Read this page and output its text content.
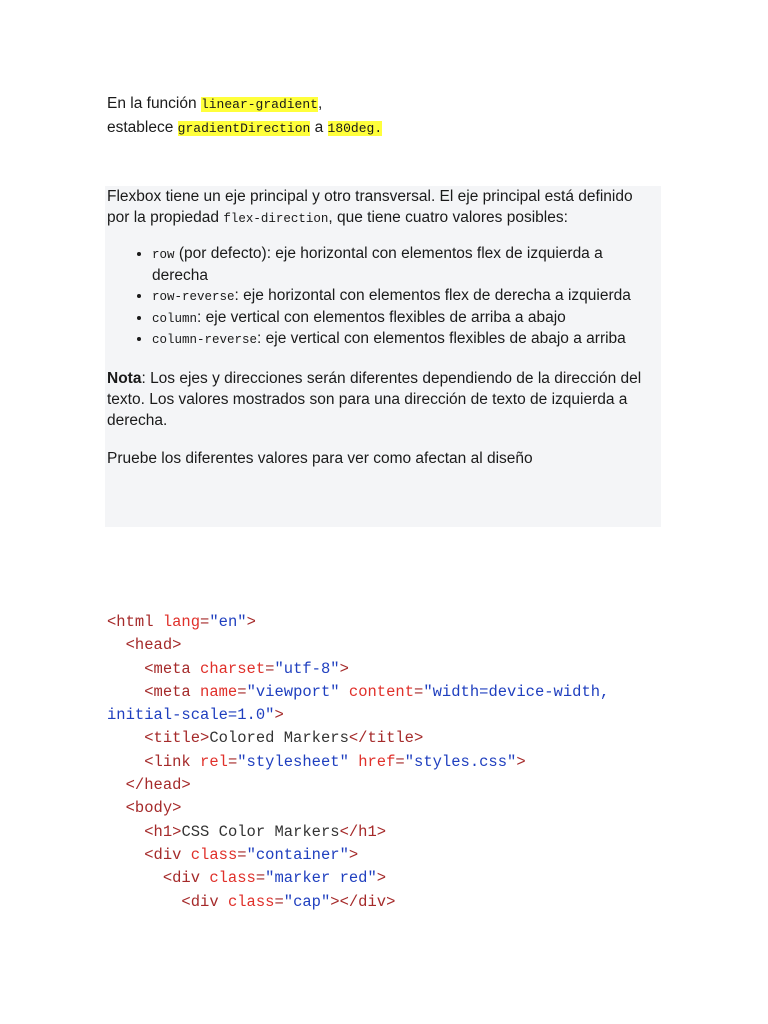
En la función linear-gradient,
establece gradientDirection a 180deg.

Flexbox tiene un eje principal y otro transversal. El eje principal está definido por la propiedad flex-direction, que tiene cuatro valores posibles:

• row (por defecto): eje horizontal con elementos flex de izquierda a derecha
• row-reverse: eje horizontal con elementos flex de derecha a izquierda
• column: eje vertical con elementos flexibles de arriba a abajo
• column-reverse: eje vertical con elementos flexibles de abajo a arriba

Nota: Los ejes y direcciones serán diferentes dependiendo de la dirección del texto. Los valores mostrados son para una dirección de texto de izquierda a derecha.

Pruebe los diferentes valores para ver como afectan al diseño

<html lang="en">
<head>
<meta charset="utf-8">
<meta name="viewport" content="width=device-width,
initial-scale=1.0">
<title>Colored Markers</title>
<link rel="stylesheet" href="styles.css">
</head>
<body>
<h1>CSS Color Markers</h1>
<div class="container">
<div class="marker red">
<div class="cap"></div>
